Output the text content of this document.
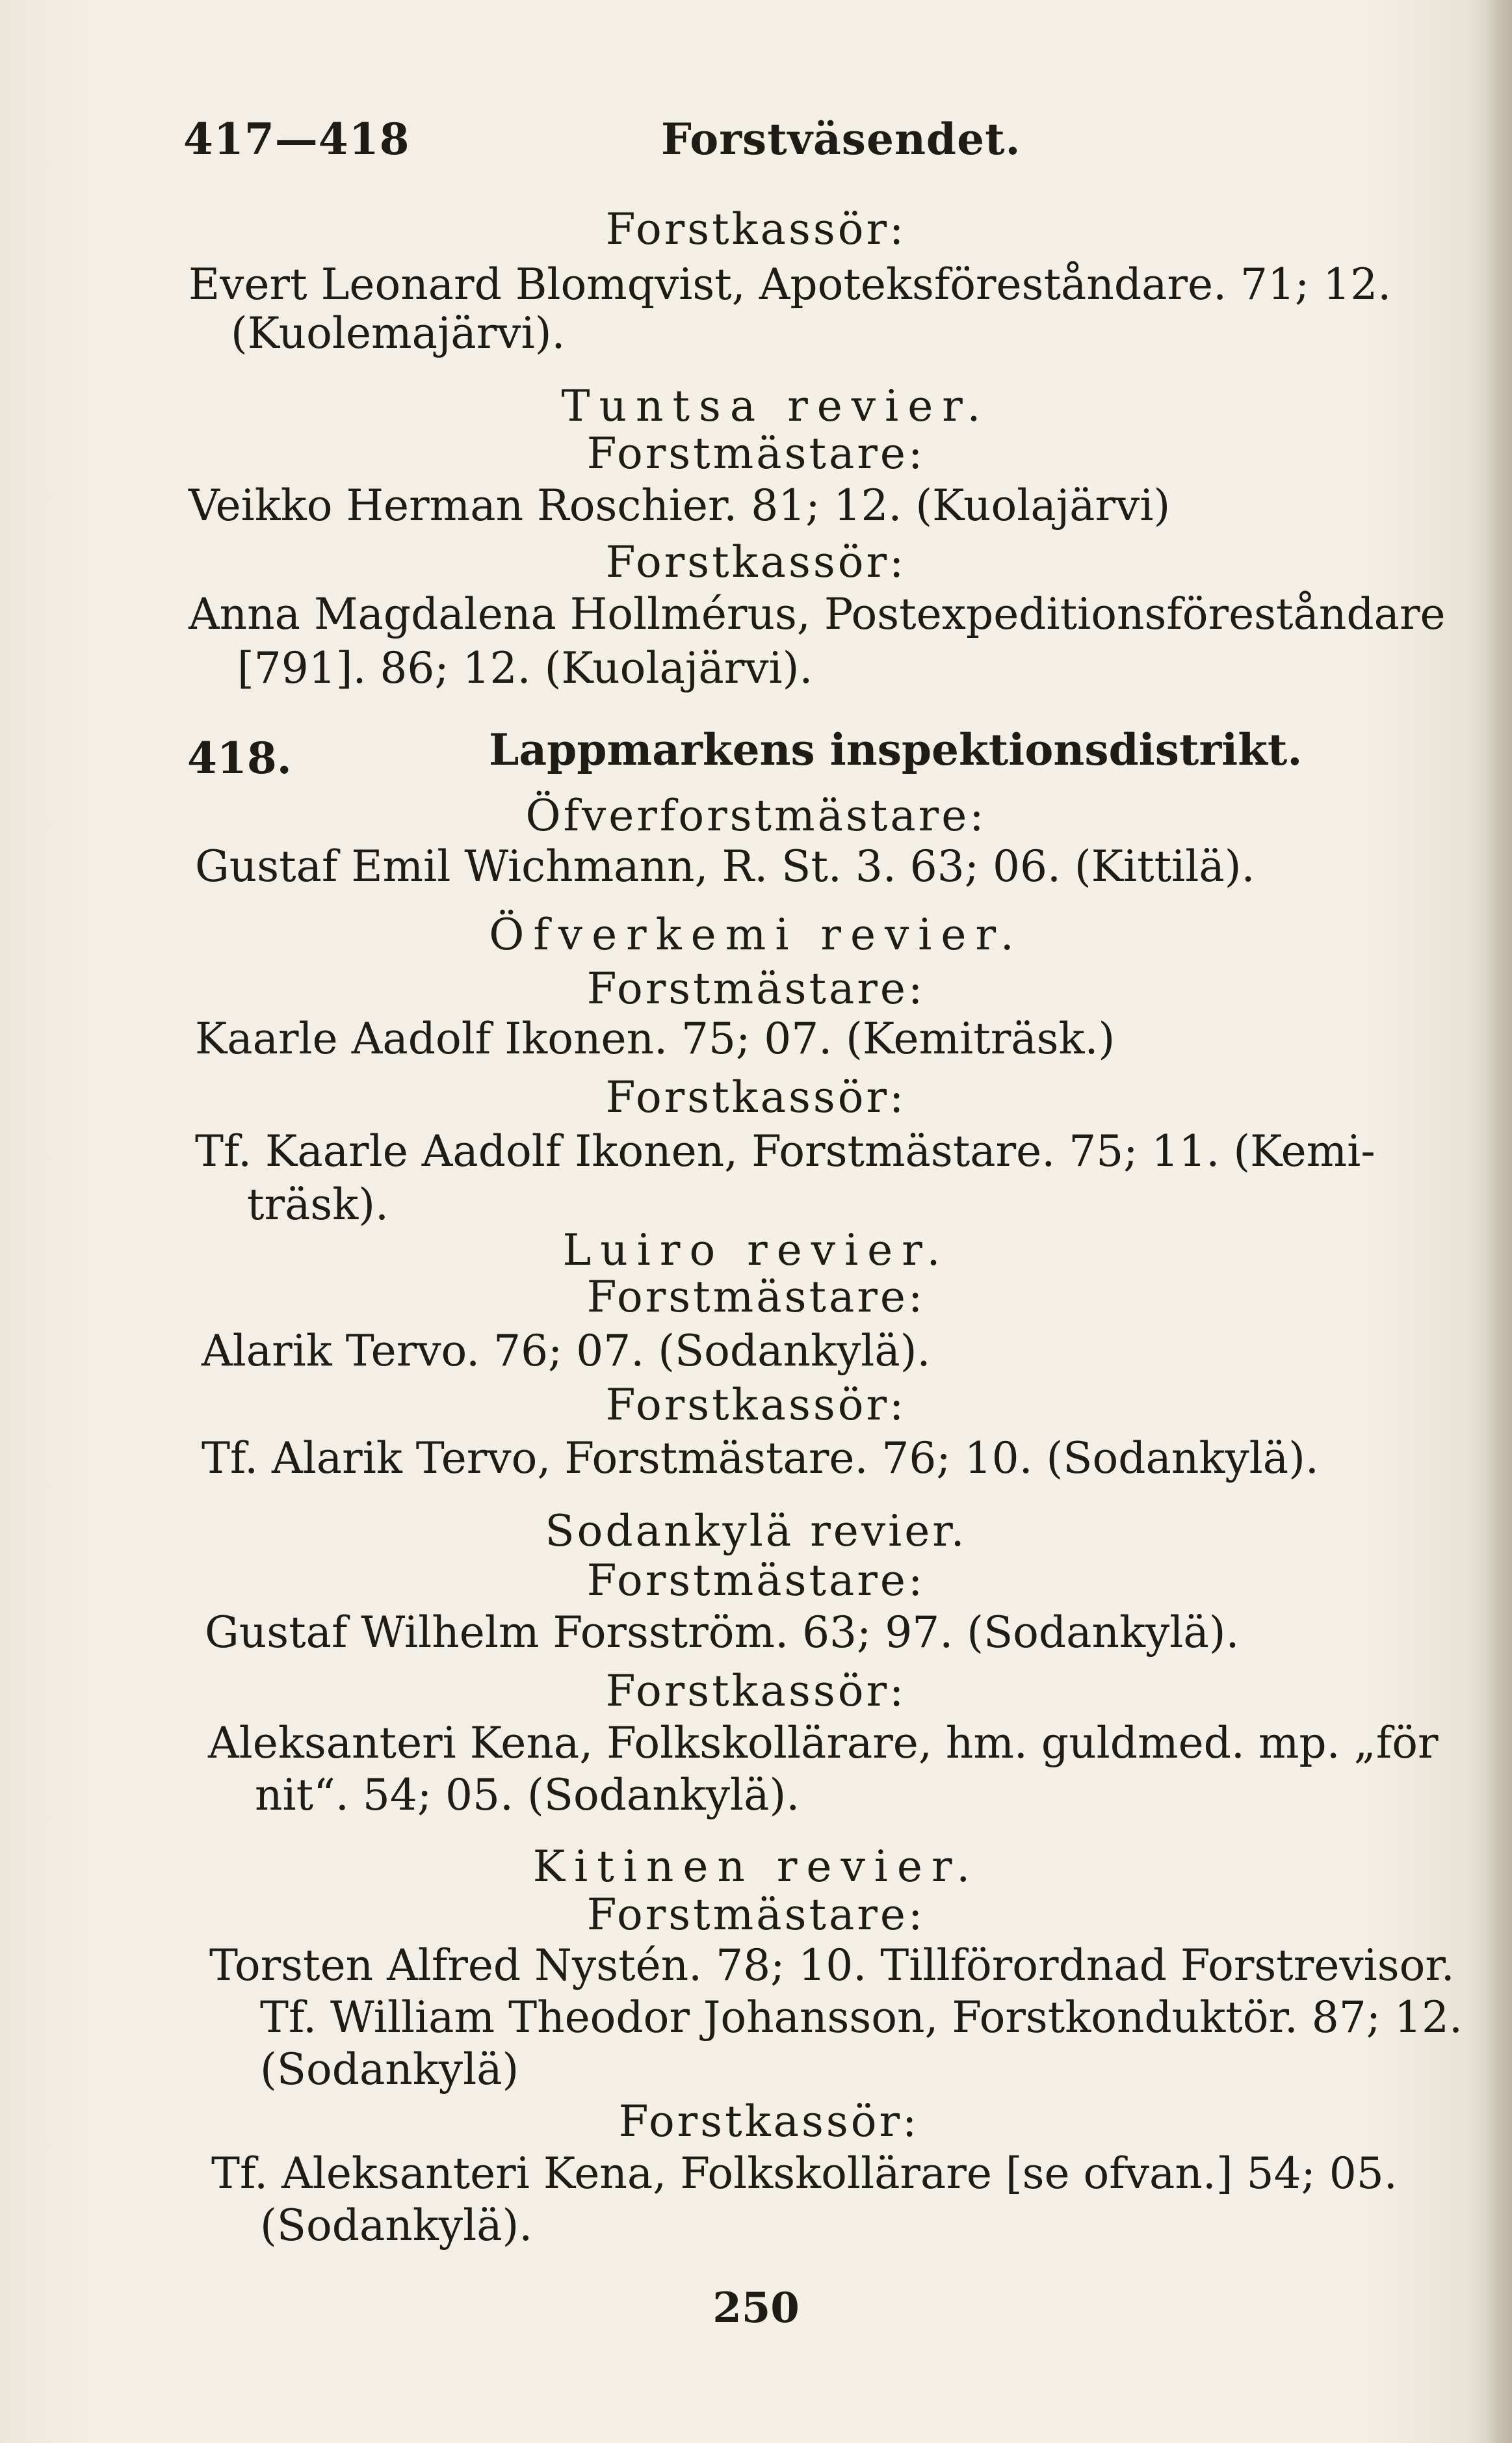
417—418	Forstväsendet.
Forstkassör:
Evert Leonard Blomqvist, Apoteksföreståndare. 71; 12.
(Kuolemajärvi).
Tuntsa revier.
Forstmästare:
Veikko Herman Roschier. 81; 12. (Kuolajärvi)
Forstkassör:
Anna Magdalena Hollmérus, Postexpeditionsföreståndare
[791]. 86; 12. (Kuolajärvi).
418.	Lappmarkens inspektionsdistrikt.
Öfverforstmästare:
Gustaf Emil Wichmann, R. St. 3. 63; 06. (Kittilä).
Öfverkemi revier.
Forstmästare:
Kaarle Aadolf Ikonen. 75; 07. (Kemiträsk.)
Forstkassör:
Tf. Kaarle Aadolf Ikonen, Forstmästare. 75; 11. (Kemi-
träsk).
Luiro revier.
Forstmästare:
Alarik Tervo. 76; 07. (Sodankylä).
Forstkassör:
Tf. Alarik Tervo, Forstmästare. 76; 10. (Sodankylä).
Sodankylä revier.
Forstmästare:
Gustaf Wilhelm Forsström. 63; 97. (Sodankylä).
Forstkassör:
Aleksanteri Kena, Folkskollärare, hm. guldmed. mp. „för
nit“. 54; 05. (Sodankylä).
Kitinen revier.
Forstmästare:
Torsten Alfred Nystén. 78; 10. Tillförordnad Forstrevisor.
Tf. William Theodor Johansson, Forstkonduktör. 87; 12.
(Sodankylä)
Forstkassör:
Tf. Aleksanteri Kena, Folkskollärare [se ofvan.] 54; 05.
(Sodankylä).
250
